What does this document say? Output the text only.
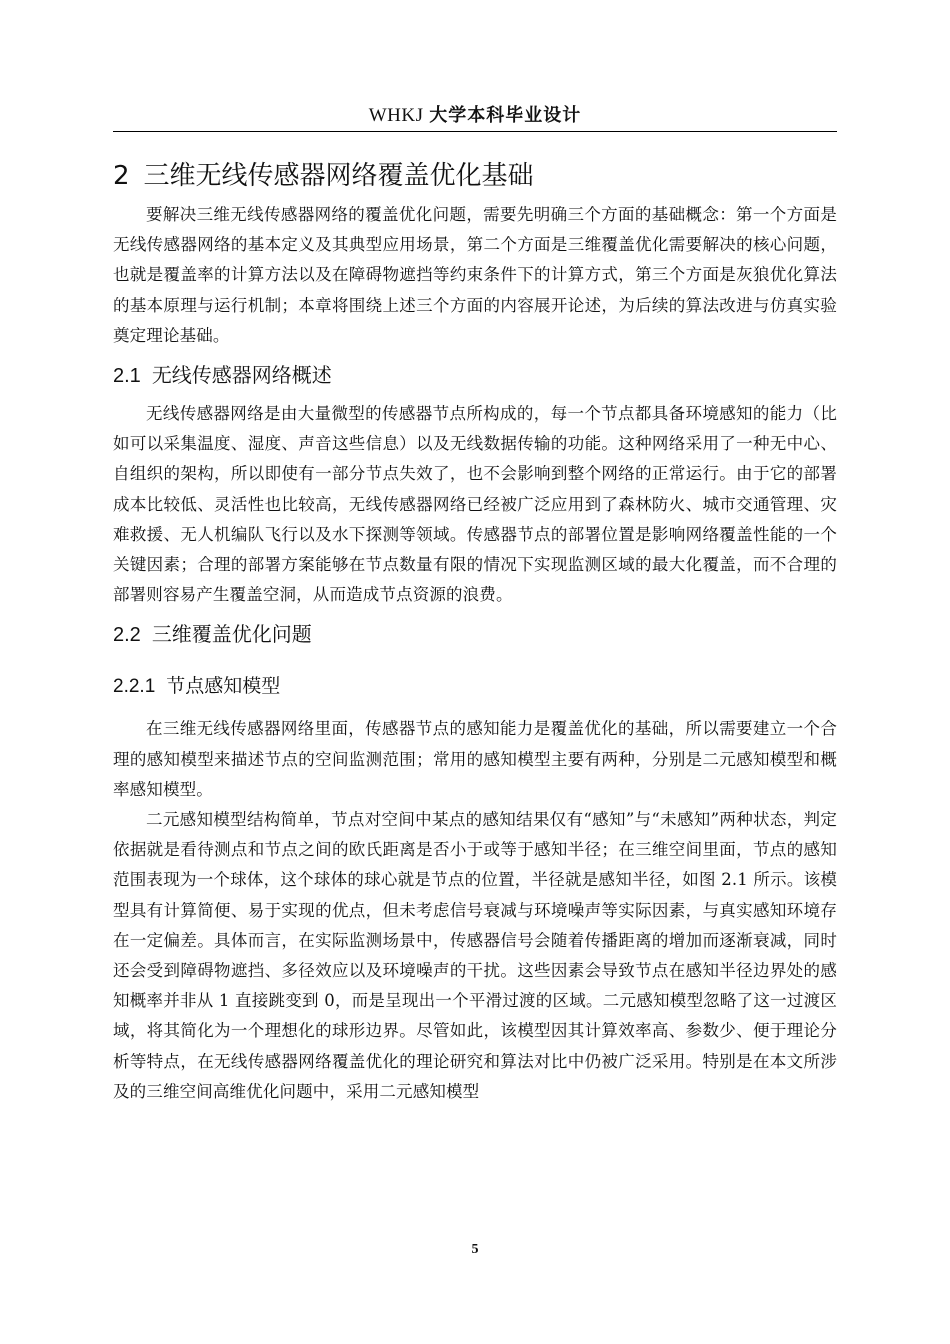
WHKJ 大学本科毕业设计
2 三维无线传感器网络覆盖优化基础

要解决三维无线传感器网络的覆盖优化问题，需要先明确三个方面的基础概念：第一个方面是无线传感器网络的基本定义及其典型应用场景，第二个方面是三维覆盖优化需要解决的核心问题，也就是覆盖率的计算方法以及在障碍物遮挡等约束条件下的计算方式，第三个方面是灰狼优化算法的基本原理与运行机制；本章将围绕上述三个方面的内容展开论述，为后续的算法改进与仿真实验奠定理论基础。

2.1 无线传感器网络概述

无线传感器网络是由大量微型的传感器节点所构成的，每一个节点都具备环境感知的能力（比如可以采集温度、湿度、声音这些信息）以及无线数据传输的功能。这种网络采用了一种无中心、自组织的架构，所以即使有一部分节点失效了，也不会影响到整个网络的正常运行。由于它的部署成本比较低、灵活性也比较高，无线传感器网络已经被广泛应用到了森林防火、城市交通管理、灾难救援、无人机编队飞行以及水下探测等领域。传感器节点的部署位置是影响网络覆盖性能的一个关键因素；合理的部署方案能够在节点数量有限的情况下实现监测区域的最大化覆盖，而不合理的部署则容易产生覆盖空洞，从而造成节点资源的浪费。

2.2 三维覆盖优化问题
2.2.1 节点感知模型

在三维无线传感器网络里面，传感器节点的感知能力是覆盖优化的基础，所以需要建立一个合理的感知模型来描述节点的空间监测范围；常用的感知模型主要有两种，分别是二元感知模型和概率感知模型。

二元感知模型结构简单，节点对空间中某点的感知结果仅有“感知”与“未感知”两种状态，判定依据就是看待测点和节点之间的欧氏距离是否小于或等于感知半径；在三维空间里面，节点的感知范围表现为一个球体，这个球体的球心就是节点的位置，半径就是感知半径，如图 2.1 所示。该模型具有计算简便、易于实现的优点，但未考虑信号衰减与环境噪声等实际因素，与真实感知环境存在一定偏差。具体而言，在实际监测场景中，传感器信号会随着传播距离的增加而逐渐衰减，同时还会受到障碍物遮挡、多径效应以及环境噪声的干扰。这些因素会导致节点在感知半径边界处的感知概率并非从 1 直接跳变到 0，而是呈现出一个平滑过渡的区域。二元感知模型忽略了这一过渡区域，将其简化为一个理想化的球形边界。尽管如此，该模型因其计算效率高、参数少、便于理论分析等特点，在无线传感器网络覆盖优化的理论研究和算法对比中仍被广泛采用。特别是在本文所涉及的三维空间高维优化问题中，采用二元感知模型

5
